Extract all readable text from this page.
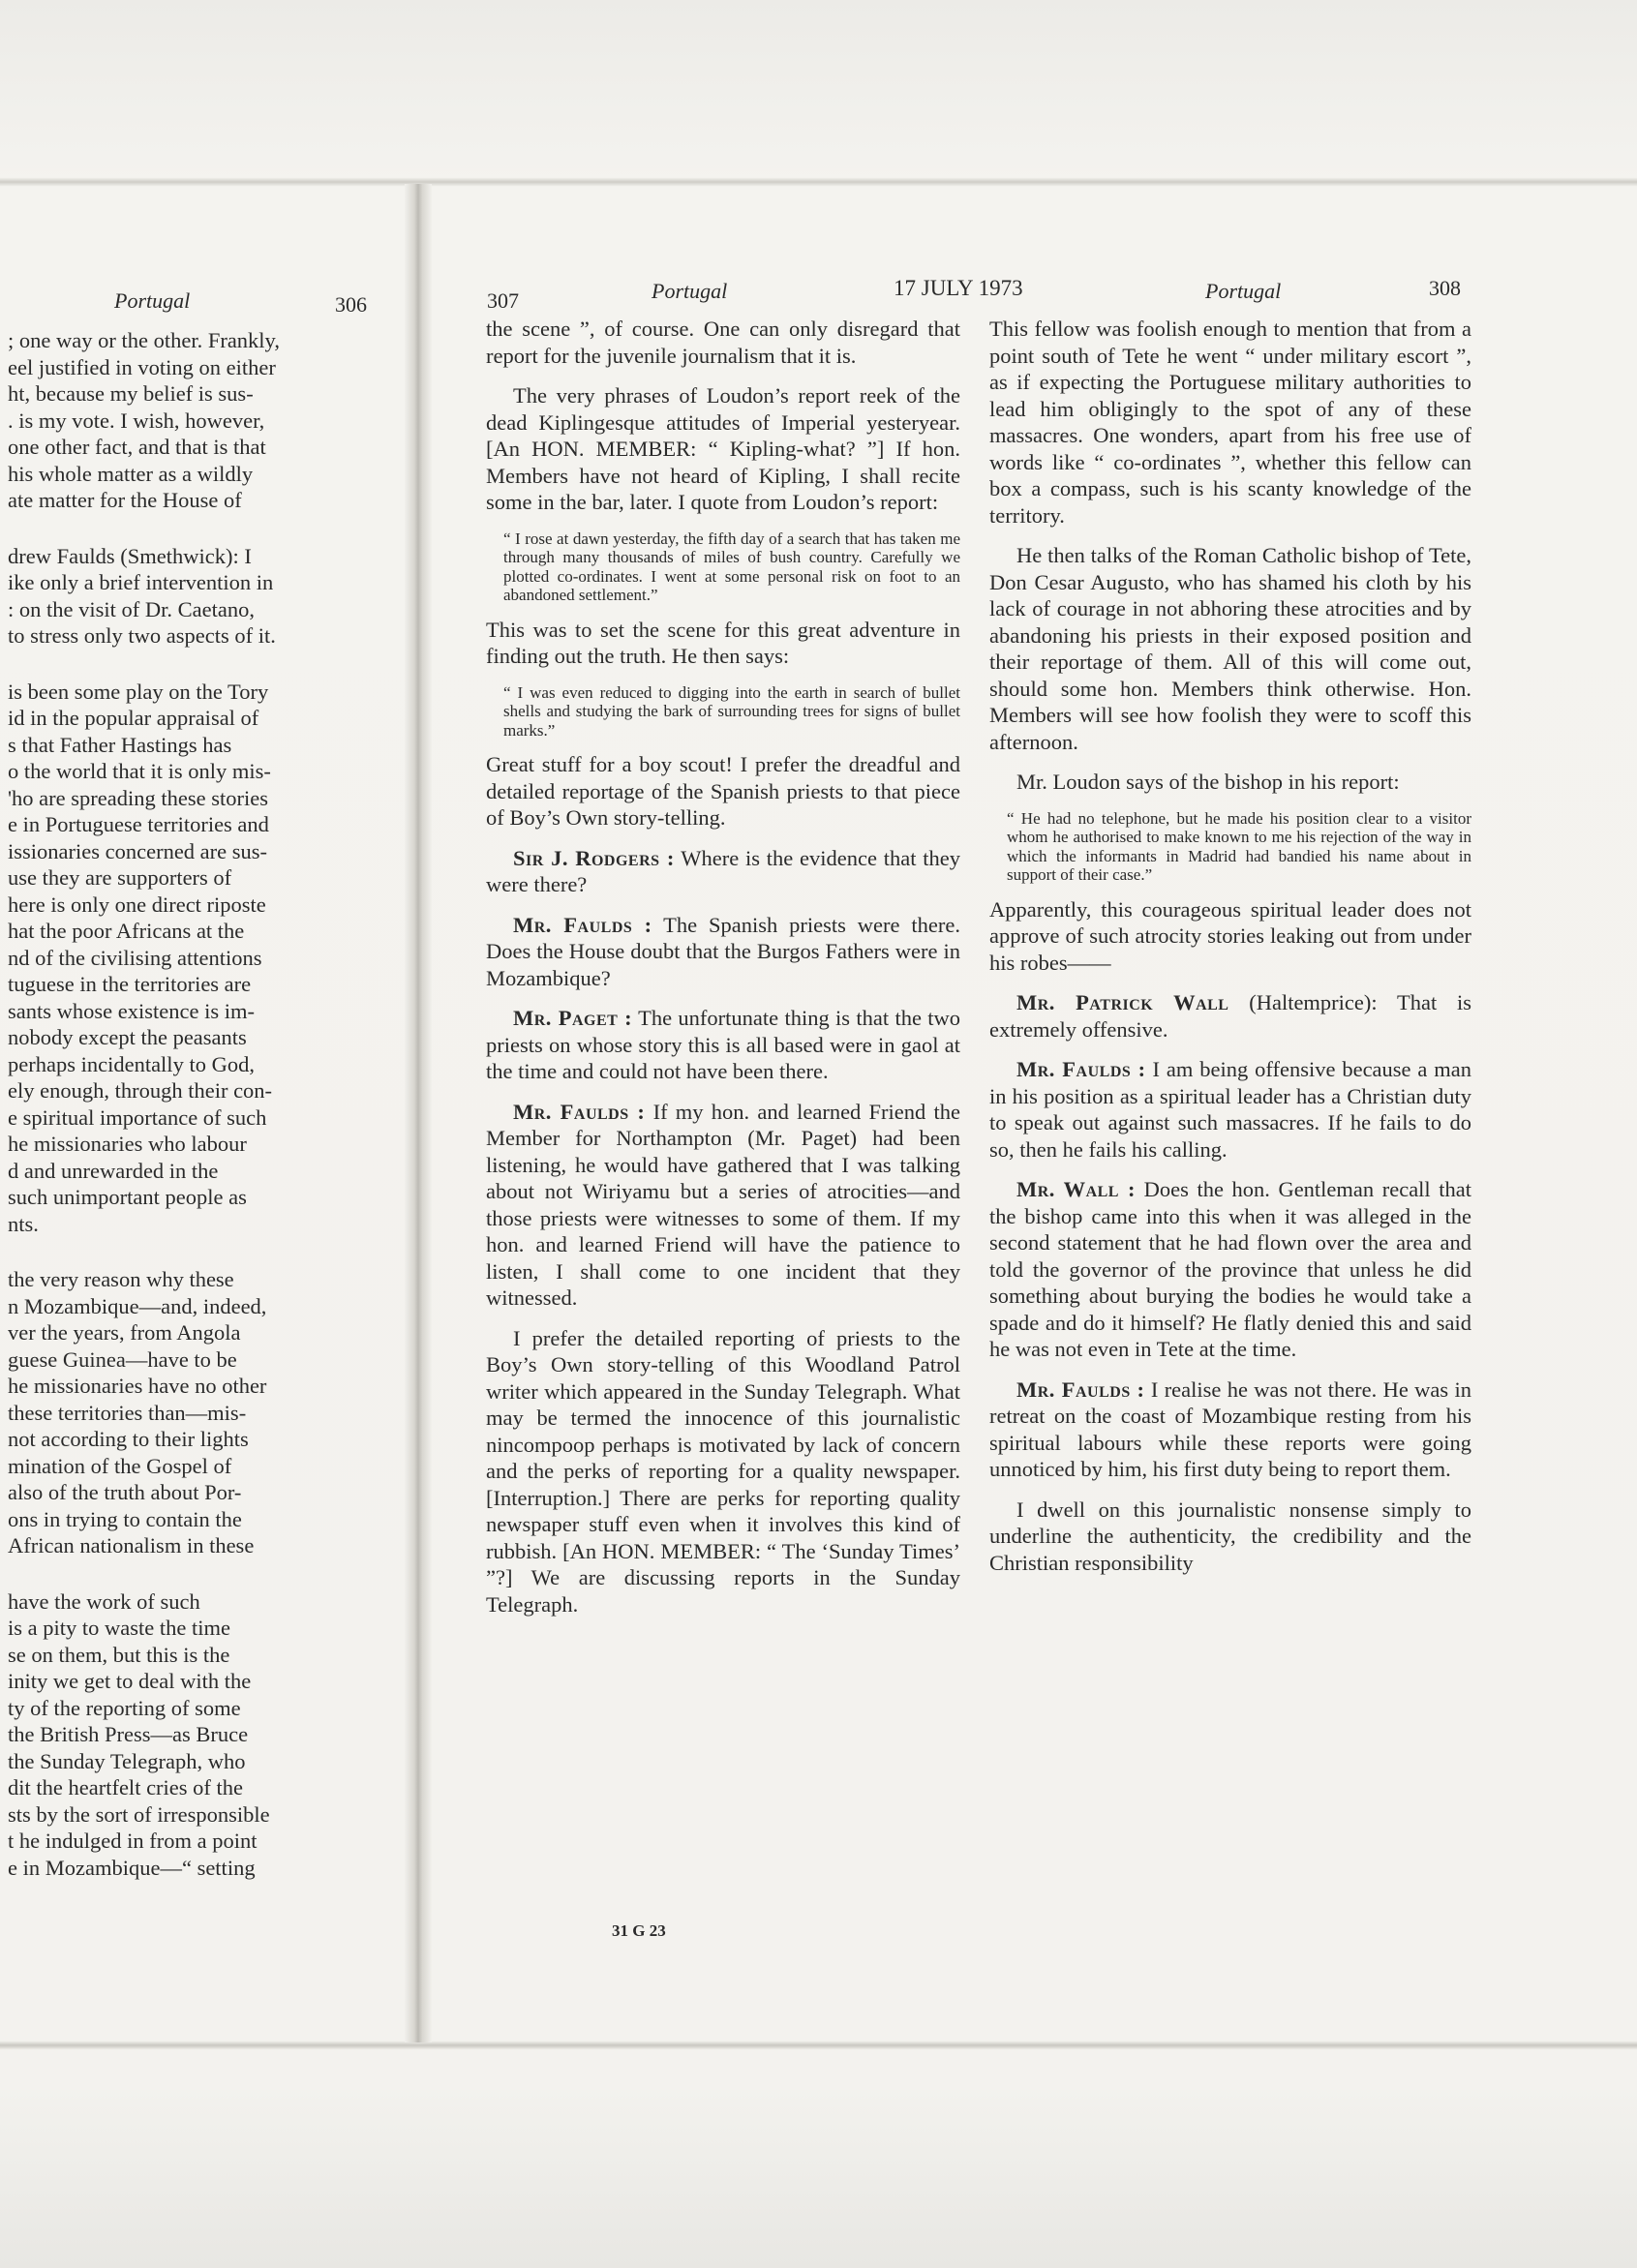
Portugal	306

; one way or the other. Frankly,

eel justified in voting on either

ht, because my belief is sus-

. is my vote. I wish, however,

one other fact, and that is that

his whole matter as a wildly

ate matter for the House of

drew Faulds (Smethwick): I

ike only a brief intervention in

: on the visit of Dr. Caetano,

to stress only two aspects of it.

is been some play on the Tory

id in the popular appraisal of

s that Father Hastings has

o the world that it is only mis-

'ho are spreading these stories

e in Portuguese territories and

issionaries concerned are sus-

use they are supporters of

here is only one direct riposte

hat the poor Africans at the

nd of the civilising attentions

tuguese in the territories are

sants whose existence is im-

nobody except the peasants

perhaps incidentally to God,

ely enough, through their con-

e spiritual importance of such

he missionaries who labour

d and unrewarded in the

such unimportant people as

nts.

the very reason why these

n Mozambique—and, indeed,

ver the years, from Angola

guese Guinea—have to be

he missionaries have no other

these territories than—mis-

not according to their lights

mination of the Gospel of

also of the truth about Por-

ons in trying to contain the

African nationalism in these

have the work of such

is a pity to waste the time

se on them, but this is the

inity we get to deal with the

ty of the reporting of some

the British Press—as Bruce

the Sunday Telegraph, who

dit the heartfelt cries of the

sts by the sort of irresponsible

t he indulged in from a point

e in Mozambique—“ setting

307	Portugal	17 JULY 1973	Portugal	308

the scene ”, of course. One can only disregard that report for the juvenile journalism that it is.

The very phrases of Loudon’s report reek of the dead Kiplingesque attitudes of Imperial yesteryear. [An HON. MEMBER: “ Kipling-what? ”] If hon. Members have not heard of Kipling, I shall recite some in the bar, later. I quote from Loudon’s report:

“ I rose at dawn yesterday, the fifth day of a search that has taken me through many thousands of miles of bush country. Carefully we plotted co-ordinates. I went at some personal risk on foot to an abandoned settlement.”

This was to set the scene for this great adventure in finding out the truth. He then says:

“ I was even reduced to digging into the earth in search of bullet shells and studying the bark of surrounding trees for signs of bullet marks.”

Great stuff for a boy scout! I prefer the dreadful and detailed reportage of the Spanish priests to that piece of Boy’s Own story-telling.

Sir J. Rodgers : Where is the evidence that they were there?

Mr. Faulds : The Spanish priests were there. Does the House doubt that the Burgos Fathers were in Mozambique?

Mr. Paget : The unfortunate thing is that the two priests on whose story this is all based were in gaol at the time and could not have been there.

Mr. Faulds : If my hon. and learned Friend the Member for Northampton (Mr. Paget) had been listening, he would have gathered that I was talking about not Wiriyamu but a series of atrocities—and those priests were witnesses to some of them. If my hon. and learned Friend will have the patience to listen, I shall come to one incident that they witnessed.

I prefer the detailed reporting of priests to the Boy’s Own story-telling of this Woodland Patrol writer which appeared in the Sunday Telegraph. What may be termed the innocence of this journalistic nincompoop perhaps is motivated by lack of concern and the perks of reporting for a quality newspaper. [Interruption.] There are perks for reporting quality newspaper stuff even when it involves this kind of rubbish. [An HON. MEMBER: “ The ‘Sunday Times’ ”?] We are discussing reports in the Sunday Telegraph.

31 G 23

This fellow was foolish enough to mention that from a point south of Tete he went “ under military escort ”, as if expecting the Portuguese military authorities to lead him obligingly to the spot of any of these massacres. One wonders, apart from his free use of words like “ co-ordinates ”, whether this fellow can box a compass, such is his scanty knowledge of the territory.

He then talks of the Roman Catholic bishop of Tete, Don Cesar Augusto, who has shamed his cloth by his lack of courage in not abhoring these atrocities and by abandoning his priests in their exposed position and their reportage of them. All of this will come out, should some hon. Members think otherwise. Hon. Members will see how foolish they were to scoff this afternoon.

Mr. Loudon says of the bishop in his report:

“ He had no telephone, but he made his position clear to a visitor whom he authorised to make known to me his rejection of the way in which the informants in Madrid had bandied his name about in support of their case.”

Apparently, this courageous spiritual leader does not approve of such atrocity stories leaking out from under his robes——

Mr. Patrick Wall (Haltemprice): That is extremely offensive.

Mr. Faulds : I am being offensive because a man in his position as a spiritual leader has a Christian duty to speak out against such massacres. If he fails to do so, then he fails his calling.

Mr. Wall : Does the hon. Gentleman recall that the bishop came into this when it was alleged in the second statement that he had flown over the area and told the governor of the province that unless he did something about burying the bodies he would take a spade and do it himself? He flatly denied this and said he was not even in Tete at the time.

Mr. Faulds : I realise he was not there. He was in retreat on the coast of Mozambique resting from his spiritual labours while these reports were going unnoticed by him, his first duty being to report them.

I dwell on this journalistic nonsense simply to underline the authenticity, the credibility and the Christian responsibility
